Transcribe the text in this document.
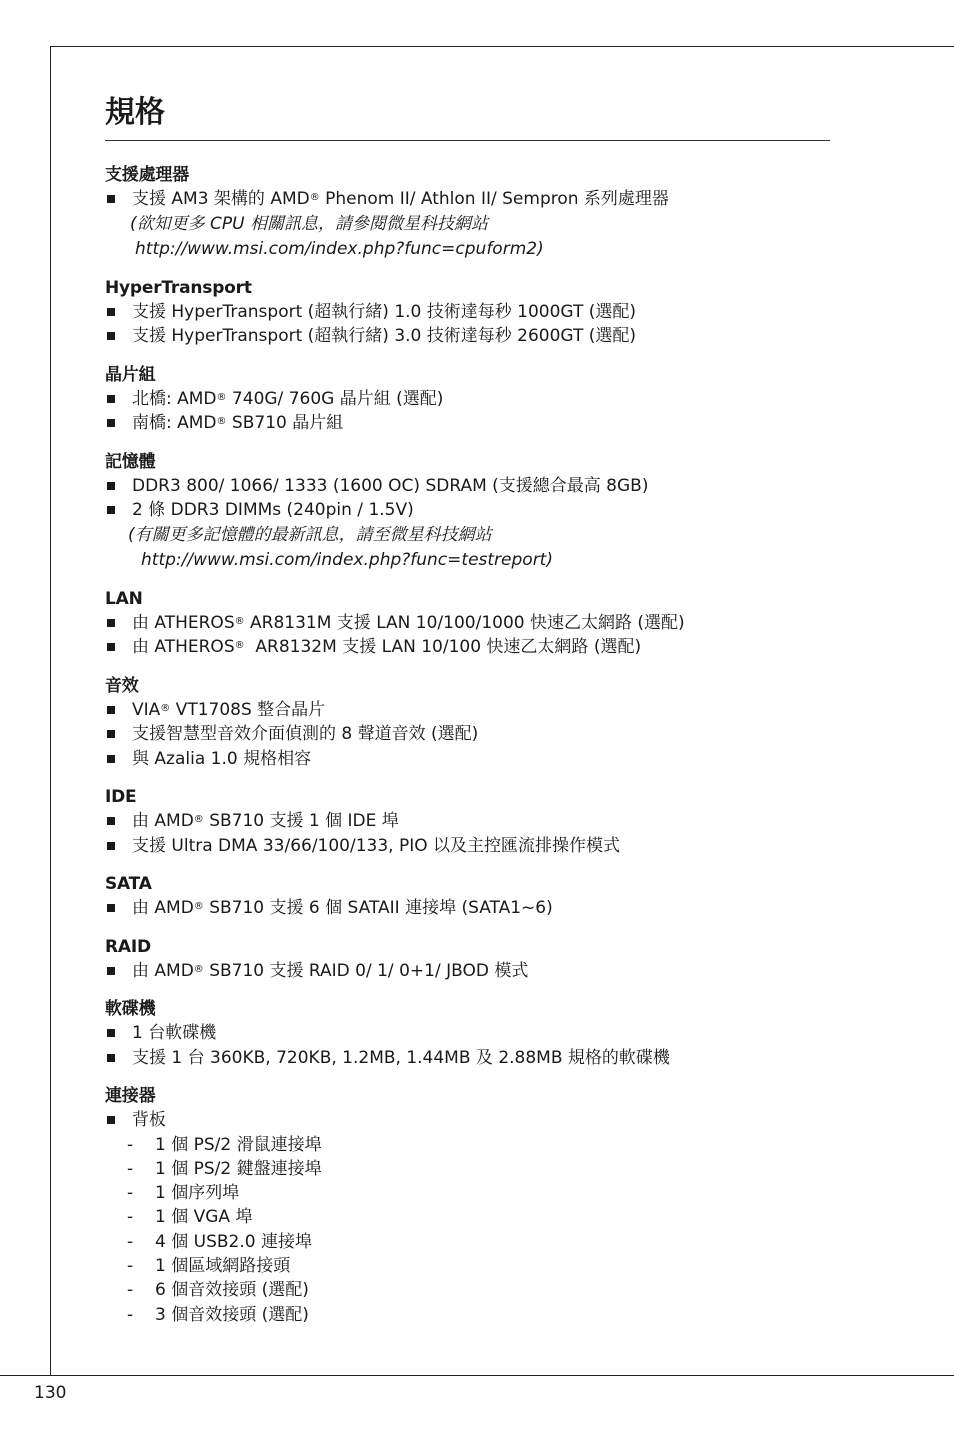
規格
支援處理器
支援 AM3 架構的 AMD® Phenom II/ Athlon II/ Sempron 系列處理器
(欲知更多 CPU 相關訊息，請參閱微星科技網站
http://www.msi.com/index.php?func=cpuform2)
HyperTransport
支援 HyperTransport (超執行緒) 1.0 技術達每秒 1000GT (選配)
支援 HyperTransport (超執行緒) 3.0 技術達每秒 2600GT (選配)
晶片組
北橋: AMD® 740G/ 760G 晶片組 (選配)
南橋: AMD® SB710 晶片組
記憶體
DDR3 800/ 1066/ 1333 (1600 OC) SDRAM (支援總合最高 8GB)
2 條 DDR3 DIMMs (240pin / 1.5V)
(有關更多記憶體的最新訊息，請至微星科技網站
http://www.msi.com/index.php?func=testreport)
LAN
由 ATHEROS® AR8131M 支援 LAN 10/100/1000 快速乙太網路 (選配)
由 ATHEROS®  AR8132M 支援 LAN 10/100 快速乙太網路 (選配)
音效
VIA® VT1708S 整合晶片
支援智慧型音效介面偵測的 8 聲道音效 (選配)
與 Azalia 1.0 規格相容
IDE
由 AMD® SB710 支援 1 個 IDE 埠
支援 Ultra DMA 33/66/100/133, PIO 以及主控匯流排操作模式
SATA
由 AMD® SB710 支援 6 個 SATAII 連接埠 (SATA1~6)
RAID
由 AMD® SB710 支援 RAID 0/ 1/ 0+1/ JBOD 模式
軟碟機
1 台軟碟機
支援 1 台 360KB, 720KB, 1.2MB, 1.44MB 及 2.88MB 規格的軟碟機
連接器
背板
- 1 個 PS/2 滑鼠連接埠
- 1 個 PS/2 鍵盤連接埠
- 1 個序列埠
- 1 個 VGA 埠
- 4 個 USB2.0 連接埠
- 1 個區域網路接頭
- 6 個音效接頭 (選配)
- 3 個音效接頭 (選配)
130
